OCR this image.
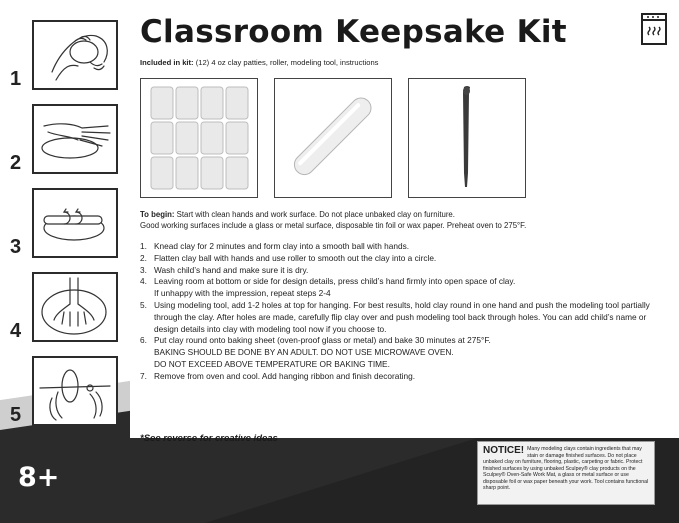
1
2
3
4
5
Classroom Keepsake Kit
Included in kit: (12) 4 oz clay patties, roller, modeling tool, instructions
To begin: Start with clean hands and work surface. Do not place unbaked clay on furniture.
Good working surfaces include a glass or metal surface, disposable tin foil or wax paper. Preheat oven to 275°F.
1. Knead clay for 2 minutes and form clay into a smooth ball with hands.
2. Flatten clay ball with hands and use roller to smooth out the clay into a circle.
3. Wash child’s hand and make sure it is dry.
4. Leaving room at bottom or side for design details, press child’s hand firmly into open space of clay.
If unhappy with the impression, repeat steps 2-4
5. Using modeling tool, add 1-2 holes at top for hanging. For best results, hold clay round in one hand and push the modeling tool partially
through the clay. After holes are made, carefully flip clay over and push modeling tool back through holes. You can add child’s name or
design details into clay with modeling tool now if you choose to.
6. Put clay round onto baking sheet (oven-proof glass or metal) and bake 30 minutes at 275°F.
BAKING SHOULD BE DONE BY AN ADULT. DO NOT USE MICROWAVE OVEN.
DO NOT EXCEED ABOVE TEMPERATURE OR BAKING TIME.
7. Remove from oven and cool. Add hanging ribbon and finish decorating.
*See reverse for creative ideas
8+
NOTICE! Many modeling clays contain ingredients that may stain or damage finished surfaces. Do not place unbaked clay on furniture, flooring, plastic, carpeting or fabric. Protect finished surfaces by using unbaked Sculpey® clay products on the Sculpey® Oven-Safe Work Mat, a glass or metal surface or use disposable foil or wax paper beneath your work. Tool contains functional sharp point.
